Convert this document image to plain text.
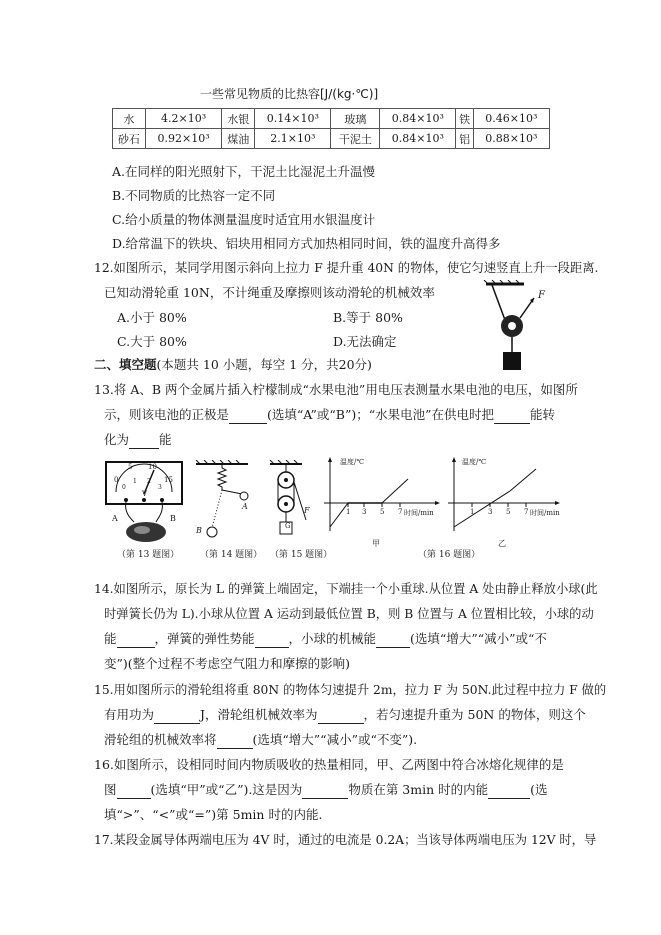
一些常见物质的比热容[J/(kg·℃)]
水	4.2×10³	水银	0.14×10³	玻璃	0.84×10³	铁	0.46×10³
砂石	0.92×10³	煤油	2.1×10³	干泥土	0.84×10³	铝	0.88×10³
A.在同样的阳光照射下，干泥土比湿泥土升温慢
B.不同物质的比热容一定不同
C.给小质量的物体测量温度时适宜用水银温度计
D.给常温下的铁块、铝块用相同方式加热相同时间，铁的温度升高得多
12.如图所示，某同学用图示斜向上拉力 F 提升重 40N 的物体，使它匀速竖直上升一段距离.
已知动滑轮重 10N，不计绳重及摩擦则该动滑轮的机械效率
A.小于 80%	B.等于 80%
C.大于 80%	D.无法确定
F
二、填空题(本题共 10 小题，每空 1 分，共20分)
13.将 A、B 两个金属片插入柠檬制成“水果电池”用电压表测量水果电池的电压，如图所
示，则该电池的正极是	(选填“A”或“B”)；“水果电池”在供电时把	能转
化为 能
0
5 10
15
0
1 2
3
V
A	B
A
B
F
G
温度/℃
1 3 5 7 时间/min
甲
温度/℃
1 3 5 7 时间/min
乙
（第 13 题图） （第 14 题图） （第 15 题图）	（第 16 题图）
14.如图所示，原长为 L 的弹簧上端固定，下端挂一个小重球.从位置 A 处由静止释放小球(此
时弹簧长仍为 L).小球从位置 A 运动到最低位置 B，则 B 位置与 A 位置相比较，小球的动
能	，弹簧的弹性势能	，小球的机械能	(选填“增大”“减小”或“不
变”)(整个过程不考虑空气阻力和摩擦的影响)
15.用如图所示的滑轮组将重 80N 的物体匀速提升 2m，拉力 F 为 50N.此过程中拉力 F 做的
有用功为	J，滑轮组机械效率为	，若匀速提升重为 50N 的物体，则这个
滑轮组的机械效率将	(选填“增大”“减小”或“不变”).
16.如图所示，设相同时间内物质吸收的热量相同，甲、乙两图中符合冰熔化规律的是
图	(选填“甲”或“乙”).这是因为	物质在第 3min 时的内能	(选
填“>”、“<”或“=”)第 5min 时的内能.
17.某段金属导体两端电压为 4V 时，通过的电流是 0.2A；当该导体两端电压为 12V 时，导
